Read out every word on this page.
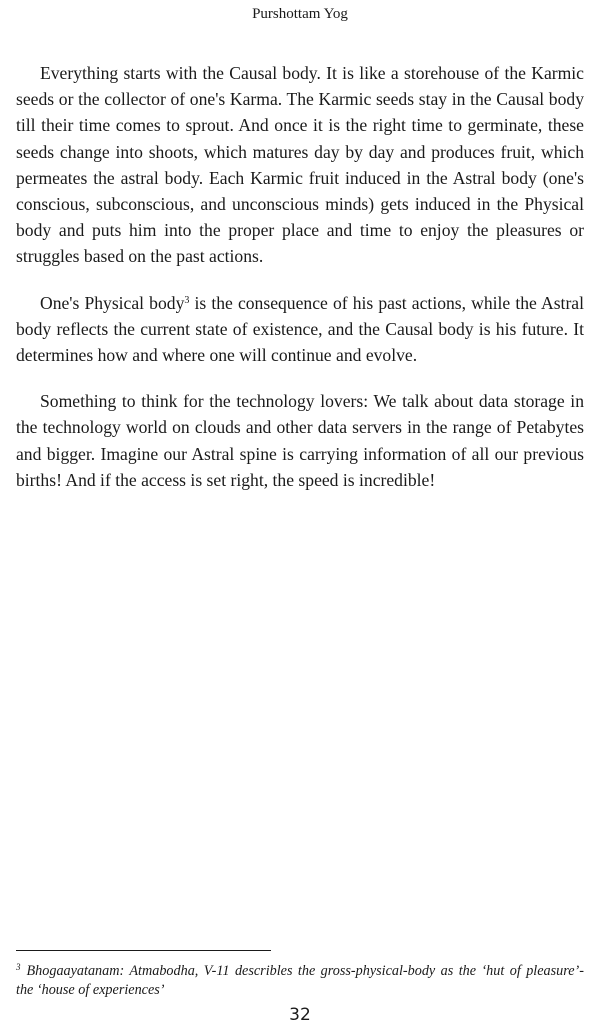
Purshottam Yog

Everything starts with the Causal body. It is like a storehouse of the Karmic seeds or the collector of one's Karma. The Karmic seeds stay in the Causal body till their time comes to sprout. And once it is the right time to germinate, these seeds change into shoots, which matures day by day and produces fruit, which permeates the astral body. Each Karmic fruit induced in the Astral body (one's conscious, subconscious, and unconscious minds) gets induced in the Physical body and puts him into the proper place and time to enjoy the pleasures or struggles based on the past actions.

One's Physical body$^3$ is the consequence of his past actions, while the Astral body reflects the current state of existence, and the Causal body is his future. It determines how and where one will continue and evolve.

Something to think for the technology lovers: We talk about data storage in the technology world on clouds and other data servers in the range of Petabytes and bigger. Imagine our Astral spine is carrying information of all our previous births! And if the access is set right, the speed is incredible!

$^3$ Bhogaayatanam: Atmabodha, V-11 describles the gross-physical-body as the ‘hut of pleasure’- the ‘house of experiences’

32
